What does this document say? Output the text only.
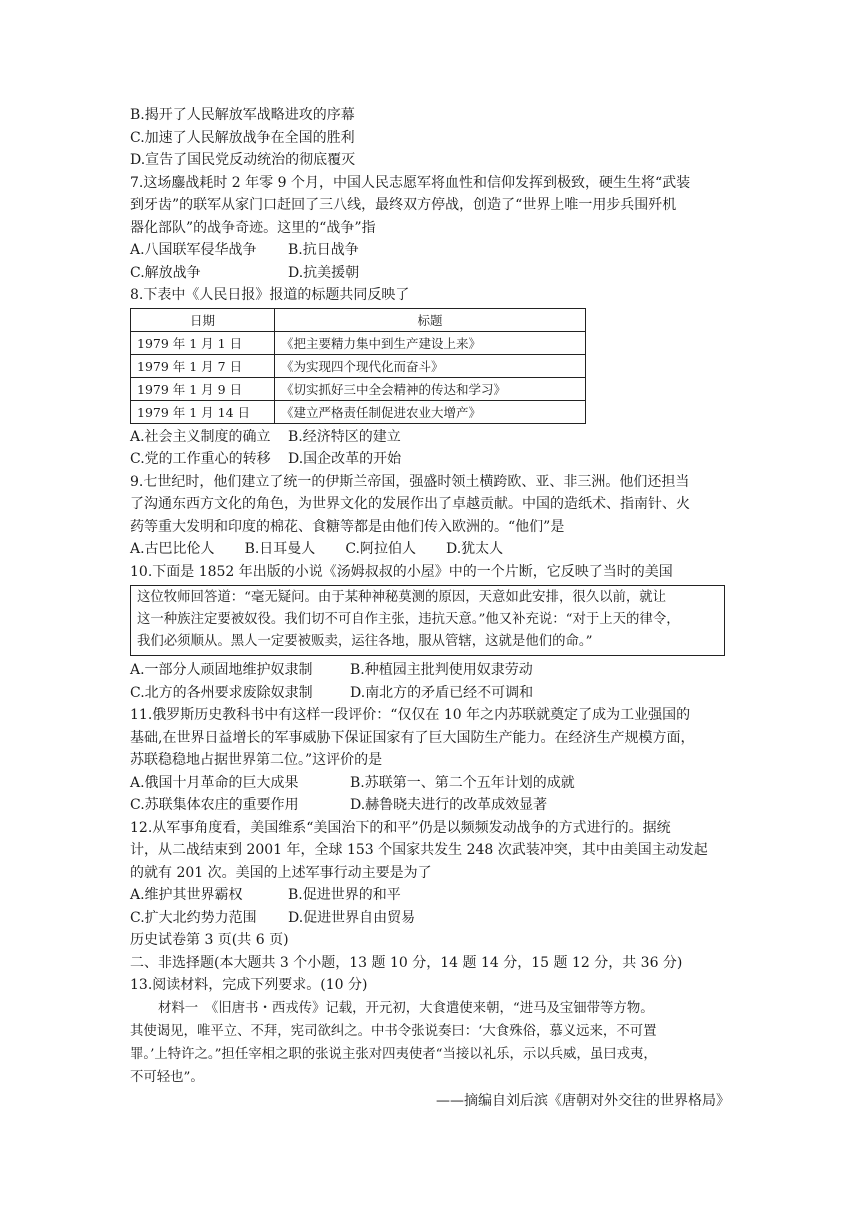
B.揭开了人民解放军战略进攻的序幕
C.加速了人民解放战争在全国的胜利
D.宣告了国民党反动统治的彻底覆灭
7.这场鏖战耗时 2 年零 9 个月，中国人民志愿军将血性和信仰发挥到极致，硬生生将“武装
到牙齿”的联军从家门口赶回了三八线，最终双方停战，创造了“世界上唯一用步兵围歼机
器化部队”的战争奇迹。这里的“战争”指
A.八国联军侵华战争	B.抗日战争
C.解放战争	D.抗美援朝
8.下表中《人民日报》报道的标题共同反映了
日期	标题
1979 年 1 月 1 日	《把主要精力集中到生产建设上来》
1979 年 1 月 7 日	《为实现四个现代化而奋斗》
1979 年 1 月 9 日	《切实抓好三中全会精神的传达和学习》
1979 年 1 月 14 日	《建立严格责任制促进农业大增产》
A.社会主义制度的确立	B.经济特区的建立
C.党的工作重心的转移	D.国企改革的开始
9.七世纪时，他们建立了统一的伊斯兰帝国，强盛时领土横跨欧、亚、非三洲。他们还担当
了沟通东西方文化的角色，为世界文化的发展作出了卓越贡献。中国的造纸术、指南针、火
药等重大发明和印度的棉花、食糖等都是由他们传入欧洲的。“他们”是
A.古巴比伦人 B.日耳曼人 C.阿拉伯人 D.犹太人
10.下面是 1852 年出版的小说《汤姆叔叔的小屋》中的一个片断，它反映了当时的美国
这位牧师回答道：“毫无疑问。由于某种神秘莫测的原因，天意如此安排，很久以前，就让
这一种族注定要被奴役。我们切不可自作主张，违抗天意。”他又补充说：“对于上天的律令，
我们必须顺从。黑人一定要被贩卖，运往各地，服从管辖，这就是他们的命。”
A.一部分人顽固地维护奴隶制	B.种植园主批判使用奴隶劳动
C.北方的各州要求废除奴隶制	D.南北方的矛盾已经不可调和
11.俄罗斯历史教科书中有这样一段评价：“仅仅在 10 年之内苏联就奠定了成为工业强国的
基础,在世界日益增长的军事威胁下保证国家有了巨大国防生产能力。在经济生产规模方面，
苏联稳稳地占据世界第二位。”这评价的是
A.俄国十月革命的巨大成果	B.苏联第一、第二个五年计划的成就
C.苏联集体农庄的重要作用	D.赫鲁晓夫进行的改革成效显著
12.从军事角度看，美国维系“美国治下的和平”仍是以频频发动战争的方式进行的。据统
计，从二战结束到 2001 年，全球 153 个国家共发生 248 次武装冲突，其中由美国主动发起
的就有 201 次。美国的上述军事行动主要是为了
A.维护其世界霸权	B.促进世界的和平
C.扩大北约势力范围	D.促进世界自由贸易
历史试卷第 3 页(共 6 页)
二、非选择题(本大题共 3 个小题，13 题 10 分，14 题 14 分，15 题 12 分，共 36 分)
13.阅读材料，完成下列要求。(10 分)
材料一　《旧唐书・西戎传》记载，开元初，大食遣使来朝，“进马及宝钿带等方物。
其使谒见，唯平立、不拜，宪司欲纠之。中书令张说奏曰：‘大食殊俗，慕义远来，不可置
罪。’上特许之。”担任宰相之职的张说主张对四夷使者“当接以礼乐，示以兵威，虽曰戎夷，
不可轻也”。
——摘编自刘后滨《唐朝对外交往的世界格局》
